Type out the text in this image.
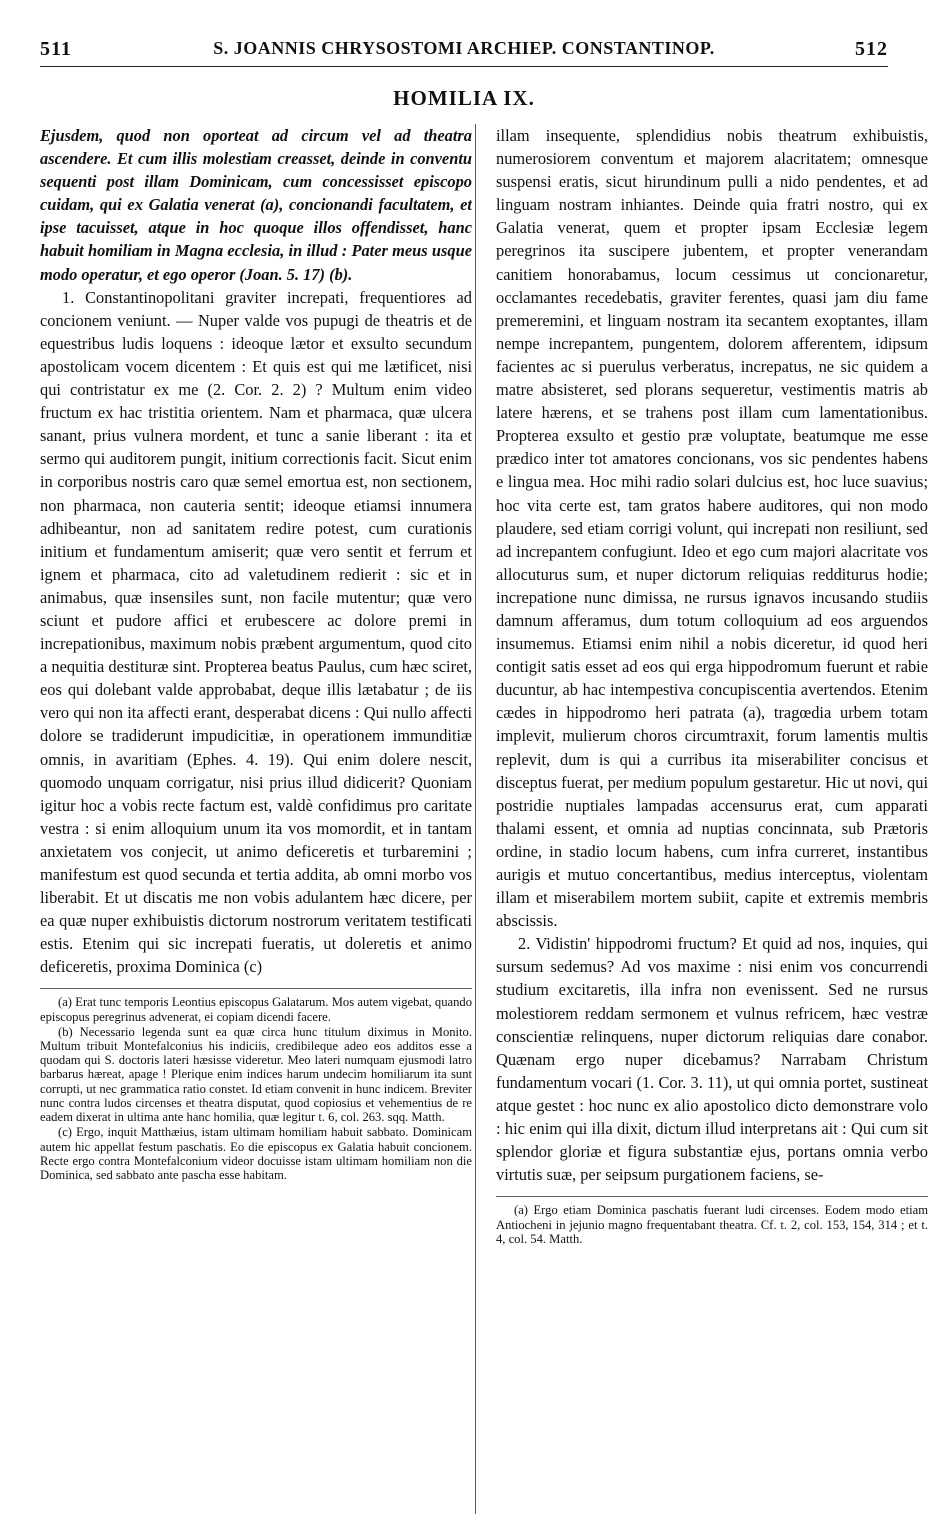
511	S. JOANNIS CHRYSOSTOMI ARCHIEP. CONSTANTINOP.	512
HOMILIA IX.

Ejusdem, quod non oporteat ad circum vel ad theatra ascendere. Et cum illis molestiam creasset, deinde in conventu sequenti post illam Dominicam, cum concessisset episcopo cuidam, qui ex Galatia venerat (a), concionandi facultatem, et ipse tacuisset, atque in hoc quoque illos offendisset, hanc habuit homiliam in Magna ecclesia, in illud : Pater meus usque modo operatur, et ego operor (Joan. 5. 17) (b).

1. Constantinopolitani graviter increpati, frequentiores ad concionem veniunt. — Nuper valde vos pupugi de theatris et de equestribus ludis loquens : ideoque lætor et exsulto secundum apostolicam vocem dicentem : Et quis est qui me lætificet, nisi qui contristatur ex me (2. Cor. 2. 2) ? Multum enim video fructum ex hac tristitia orientem. Nam et pharmaca, quæ ulcera sanant, prius vulnera mordent, et tunc a sanie liberant : ita et sermo qui auditorem pungit, initium correctionis facit. Sicut enim in corporibus nostris caro quæ semel emortua est, non sectionem, non pharmaca, non cauteria sentit; ideoque etiamsi innumera adhibeantur, non ad sanitatem redire potest, cum curationis initium et fundamentum amiserit; quæ vero sentit et ferrum et ignem et pharmaca, cito ad valetudinem redierit : sic et in animabus, quæ insensiles sunt, non facile mutentur; quæ vero sciunt et pudore affici et erubescere ac dolore premi in increpationibus, maximum nobis præbent argumentum, quod cito a nequitia destituræ sint. Propterea beatus Paulus, cum hæc sciret, eos qui dolebant valde approbabat, deque illis lætabatur ; de iis vero qui non ita affecti erant, desperabat dicens : Qui nullo affecti dolore se tradiderunt impudicitiæ, in operationem immunditiæ omnis, in avaritiam (Ephes. 4. 19). Qui enim dolere nescit, quomodo unquam corrigatur, nisi prius illud didicerit? Quoniam igitur hoc a vobis recte factum est, valdè confidimus pro caritate vestra : si enim alloquium unum ita vos momordit, et in tantam anxietatem vos conjecit, ut animo deficeretis et turbaremini ; manifestum est quod secunda et tertia addita, ab omni morbo vos liberabit. Et ut discatis me non vobis adulantem hæc dicere, per ea quæ nuper exhibuistis dictorum nostrorum veritatem testificati estis. Etenim qui sic increpati fueratis, ut doleretis et animo deficeretis, proxima Dominica (c)

(a) Erat tunc temporis Leontius episcopus Galatarum. Mos autem vigebat, quando episcopus peregrinus advenerat, ei copiam dicendi facere.

(b) Necessario legenda sunt ea quæ circa hunc titulum diximus in Monito. Multum tribuit Montefalconius his indiciis, credibileque adeo eos additos esse a quodam qui S. doctoris lateri hæsisse videretur. Meo lateri numquam ejusmodi latro barbarus hæreat, apage ! Plerique enim indices harum undecim homiliarum ita sunt corrupti, ut nec grammatica ratio constet. Id etiam convenit in hunc indicem. Breviter nunc contra ludos circenses et theatra disputat, quod copiosius et vehementius de re eadem dixerat in ultima ante hanc homilia, quæ legitur t. 6, col. 263. sqq. Matth.

(c) Ergo, inquit Matthæius, istam ultimam homiliam habuit sabbato. Dominicam autem hic appellat festum paschatis. Eo die episcopus ex Galatia habuit concionem. Recte ergo contra Montefalconium videor docuisse istam ultimam homiliam non die Dominica, sed sabbato ante pascha esse habitam.

illam insequente, splendidius nobis theatrum exhibuistis, numerosiorem conventum et majorem alacritatem; omnesque suspensi eratis, sicut hirundinum pulli a nido pendentes, et ad linguam nostram inhiantes. Deinde quia fratri nostro, qui ex Galatia venerat, quem et propter ipsam Ecclesiæ legem peregrinos ita suscipere jubentem, et propter venerandam canitiem honorabamus, locum cessimus ut concionaretur, occlamantes recedebatis, graviter ferentes, quasi jam diu fame premeremini, et linguam nostram ita secantem exoptantes, illam nempe increpantem, pungentem, dolorem afferentem, idipsum facientes ac si puerulus verberatus, increpatus, ne sic quidem a matre absisteret, sed plorans sequeretur, vestimentis matris ab latere hærens, et se trahens post illam cum lamentationibus. Propterea exsulto et gestio præ voluptate, beatumque me esse prædico inter tot amatores concionans, vos sic pendentes habens e lingua mea. Hoc mihi radio solari dulcius est, hoc luce suavius; hoc vita certe est, tam gratos habere auditores, qui non modo plaudere, sed etiam corrigi volunt, qui increpati non resiliunt, sed ad increpantem confugiunt. Ideo et ego cum majori alacritate vos allocuturus sum, et nuper dictorum reliquias redditurus hodie; increpatione nunc dimissa, ne rursus ignavos incusando studiis damnum afferamus, dum totum colloquium ad eos arguendos insumemus. Etiamsi enim nihil a nobis diceretur, id quod heri contigit satis esset ad eos qui erga hippodromum fuerunt et rabie ducuntur, ab hac intempestiva concupiscentia avertendos. Etenim cædes in hippodromo heri patrata (a), tragœdia urbem totam implevit, mulierum choros circumtraxit, forum lamentis multis replevit, dum is qui a curribus ita miserabiliter concisus et disceptus fuerat, per medium populum gestaretur. Hic ut novi, qui postridie nuptiales lampadas accensurus erat, cum apparati thalami essent, et omnia ad nuptias concinnata, sub Prætoris ordine, in stadio locum habens, cum infra curreret, instantibus aurigis et mutuo concertantibus, medius interceptus, violentam illam et miserabilem mortem subiit, capite et extremis membris abscissis.

2. Vidistin' hippodromi fructum? Et quid ad nos, inquies, qui sursum sedemus? Ad vos maxime : nisi enim vos concurrendi studium excitaretis, illa infra non evenissent. Sed ne rursus molestiorem reddam sermonem et vulnus refricem, hæc vestræ conscientiæ relinquens, nuper dictorum reliquias dare conabor. Quænam ergo nuper dicebamus? Narrabam Christum fundamentum vocari (1. Cor. 3. 11), ut qui omnia portet, sustineat atque gestet : hoc nunc ex alio apostolico dicto demonstrare volo : hic enim qui illa dixit, dictum illud interpretans ait : Qui cum sit splendor gloriæ et figura substantiæ ejus, portans omnia verbo virtutis suæ, per seipsum purgationem faciens, se-

(a) Ergo etiam Dominica paschatis fuerant ludi circenses. Eodem modo etiam Antiocheni in jejunio magno frequentabant theatra. Cf. t. 2, col. 153, 154, 314 ; et t. 4, col. 54. Matth.
